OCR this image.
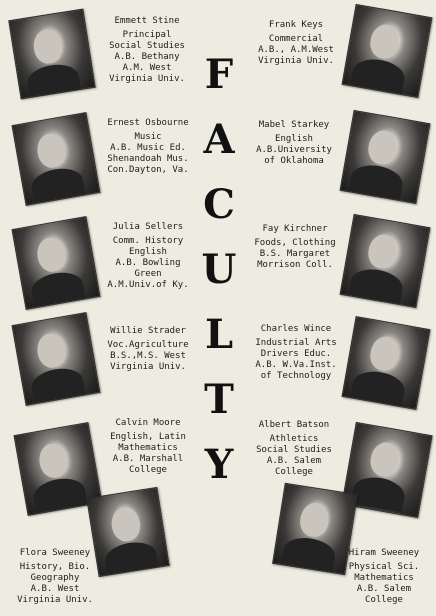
F
A
C
U
L
T
Y
Emmett Stine
Principal
Social Studies
A.B. Bethany
A.M. West
Virginia Univ.
Frank Keys
Commercial
A.B., A.M.West
Virginia Univ.
Ernest Osbourne
Music
A.B. Music Ed.
Shenandoah Mus.
Con.Dayton, Va.
Mabel Starkey
English
A.B.University
of Oklahoma
Julia Sellers
Comm. History
English
A.B. Bowling
Green
A.M.Univ.of Ky.
Fay Kirchner
Foods, Clothing
B.S. Margaret
Morrison Coll.
Willie Strader
Voc.Agriculture
B.S.,M.S. West
Virginia Univ.
Charles Wince
Industrial Arts
Drivers Educ.
A.B. W.Va.Inst.
of Technology
Calvin Moore
English, Latin
Mathematics
A.B. Marshall
College
Albert Batson
Athletics
Social Studies
A.B. Salem
College
Flora Sweeney
History, Bio.
Geography
A.B. West
Virginia Univ.
Hiram Sweeney
Physical Sci.
Mathematics
A.B. Salem
College
